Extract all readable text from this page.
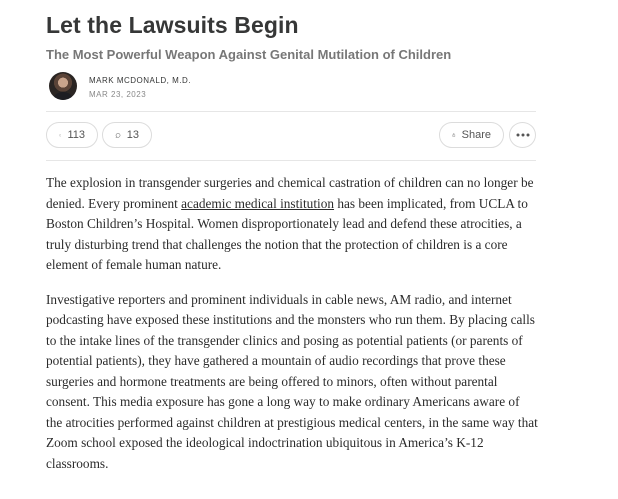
Let the Lawsuits Begin
The Most Powerful Weapon Against Genital Mutilation of Children
MARK MCDONALD, M.D.
MAR 23, 2023
113	13	Share

The explosion in transgender surgeries and chemical castration of children can no longer be denied. Every prominent academic medical institution has been implicated, from UCLA to Boston Children’s Hospital. Women disproportionately lead and defend these atrocities, a truly disturbing trend that challenges the notion that the protection of children is a core element of female human nature.

Investigative reporters and prominent individuals in cable news, AM radio, and internet podcasting have exposed these institutions and the monsters who run them. By placing calls to the intake lines of the transgender clinics and posing as potential patients (or parents of potential patients), they have gathered a mountain of audio recordings that prove these surgeries and hormone treatments are being offered to minors, often without parental consent. This media exposure has gone a long way to make ordinary Americans aware of the atrocities performed against children at prestigious medical centers, in the same way that Zoom school exposed the ideological indoctrination ubiquitous in America’s K-12 classrooms.
